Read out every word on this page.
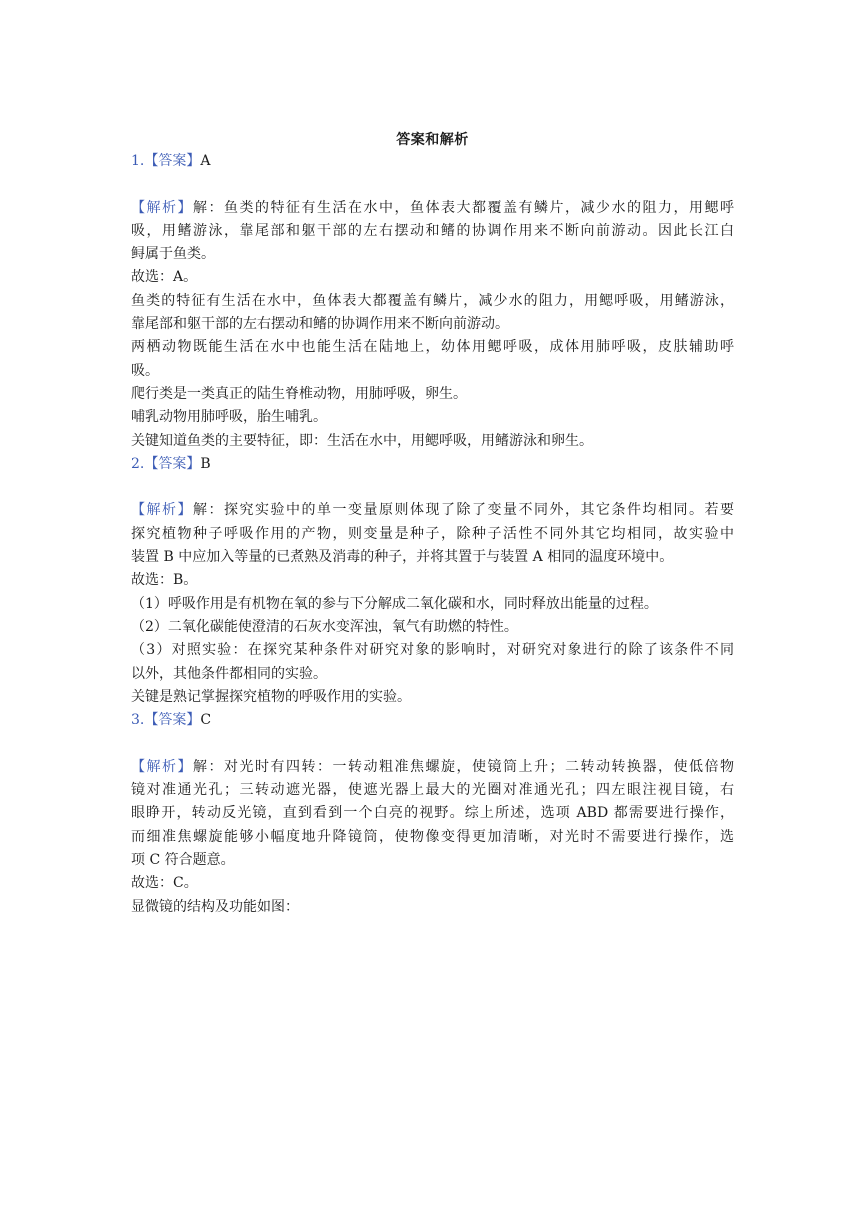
答案和解析
1.【答案】A
【解析】解：鱼类的特征有生活在水中，鱼体表大都覆盖有鳞片，减少水的阻力，用鳃呼
吸，用鳍游泳，靠尾部和躯干部的左右摆动和鳍的协调作用来不断向前游动。因此长江白
鲟属于鱼类。
故选：A。
鱼类的特征有生活在水中，鱼体表大都覆盖有鳞片，减少水的阻力，用鳃呼吸，用鳍游泳，
靠尾部和躯干部的左右摆动和鳍的协调作用来不断向前游动。
两栖动物既能生活在水中也能生活在陆地上，幼体用鳃呼吸，成体用肺呼吸，皮肤辅助呼
吸。
爬行类是一类真正的陆生脊椎动物，用肺呼吸，卵生。
哺乳动物用肺呼吸，胎生哺乳。
关键知道鱼类的主要特征，即：生活在水中，用鳃呼吸，用鳍游泳和卵生。
2.【答案】B
【解析】解：探究实验中的单一变量原则体现了除了变量不同外，其它条件均相同。若要
探究植物种子呼吸作用的产物，则变量是种子，除种子活性不同外其它均相同，故实验中
装置 B 中应加入等量的已煮熟及消毒的种子，并将其置于与装置 A 相同的温度环境中。
故选：B。
（1）呼吸作用是有机物在氧的参与下分解成二氧化碳和水，同时释放出能量的过程。
（2）二氧化碳能使澄清的石灰水变浑浊，氧气有助燃的特性。
（3）对照实验：在探究某种条件对研究对象的影响时，对研究对象进行的除了该条件不同
以外，其他条件都相同的实验。
关键是熟记掌握探究植物的呼吸作用的实验。
3.【答案】C
【解析】解：对光时有四转：一转动粗准焦螺旋，使镜筒上升；二转动转换器，使低倍物
镜对准通光孔；三转动遮光器，使遮光器上最大的光圈对准通光孔；四左眼注视目镜，右
眼睁开，转动反光镜，直到看到一个白亮的视野。综上所述，选项 ABD 都需要进行操作，
而细准焦螺旋能够小幅度地升降镜筒，使物像变得更加清晰，对光时不需要进行操作，选
项 C 符合题意。
故选：C。
显微镜的结构及功能如图：
